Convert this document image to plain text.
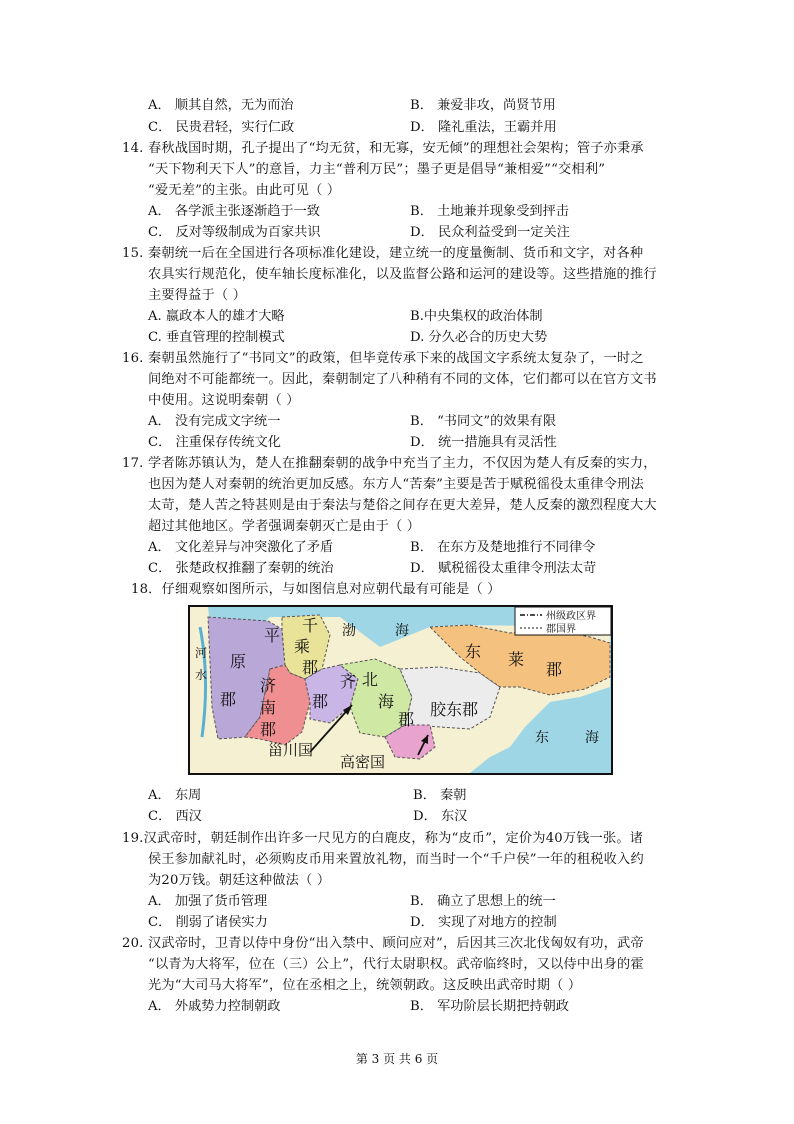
A． 顺其自然，无为而治	B． 兼爱非攻，尚贤节用
C． 民贵君轻，实行仁政	D． 隆礼重法，王霸并用
14. 春秋战国时期，孔子提出了“均无贫，和无寡，安无倾”的理想社会架构；管子亦秉承
“天下物利天下人”的意旨，力主“普利万民”；墨子更是倡导“兼相爱”“交相利”
“爱无差”的主张。由此可见（ ）
A． 各学派主张逐渐趋于一致	B． 土地兼并现象受到抨击
C． 反对等级制成为百家共识	D． 民众利益受到一定关注
15. 秦朝统一后在全国进行各项标准化建设，建立统一的度量衡制、货币和文字，对各种
农具实行规范化，使车轴长度标准化，以及监督公路和运河的建设等。这些措施的推行
主要得益于（ ）
A. 嬴政本人的雄才大略	B.中央集权的政治体制
C. 垂直管理的控制模式	D. 分久必合的历史大势
16. 秦朝虽然施行了“书同文”的政策，但毕竟传承下来的战国文字系统太复杂了，一时之
间绝对不可能都统一。因此，秦朝制定了八种稍有不同的文体，它们都可以在官方文书
中使用。这说明秦朝（ ）
A． 没有完成文字统一	B． “书同文”的效果有限
C． 注重保存传统文化	D． 统一措施具有灵活性
17. 学者陈苏镇认为，楚人在推翻秦朝的战争中充当了主力，不仅因为楚人有反秦的实力，
也因为楚人对秦朝的统治更加反感。东方人“苦秦”主要是苦于赋税徭役太重律令刑法
太苛，楚人苦之特甚则是由于秦法与楚俗之间存在更大差异，楚人反秦的激烈程度大大
超过其他地区。学者强调秦朝灭亡是由于（ ）
A． 文化差异与冲突激化了矛盾	B． 在东方及楚地推行不同律令
C． 张楚政权推翻了秦朝的统治	D． 赋税徭役太重律令刑法太苛
18．仔细观察如图所示，与如图信息对应朝代最有可能是（ ）
州级政区界
郡国界
河
水
渤	海
平
原
郡
千
乘
郡
济
南
郡
齐
郡
北
海
郡
胶东郡
东 莱
郡
甾川国
高密国
东	海
A． 东周	B． 秦朝
C． 西汉	D． 东汉
19.汉武帝时，朝廷制作出许多一尺见方的白鹿皮，称为“皮币”，定价为40万钱一张。诸
侯王参加献礼时，必须购皮币用来置放礼物，而当时一个“千户侯”一年的租税收入约
为20万钱。朝廷这种做法（ ）
A． 加强了货币管理	B． 确立了思想上的统一
C． 削弱了诸侯实力	D． 实现了对地方的控制
20. 汉武帝时，卫青以侍中身份“出入禁中、顾问应对”，后因其三次北伐匈奴有功，武帝
“以青为大将军，位在（三）公上”，代行太尉职权。武帝临终时，又以侍中出身的霍
光为“大司马大将军”，位在丞相之上，统领朝政。这反映出武帝时期（ ）
A． 外戚势力控制朝政	B． 军功阶层长期把持朝政
第 3 页 共 6 页
